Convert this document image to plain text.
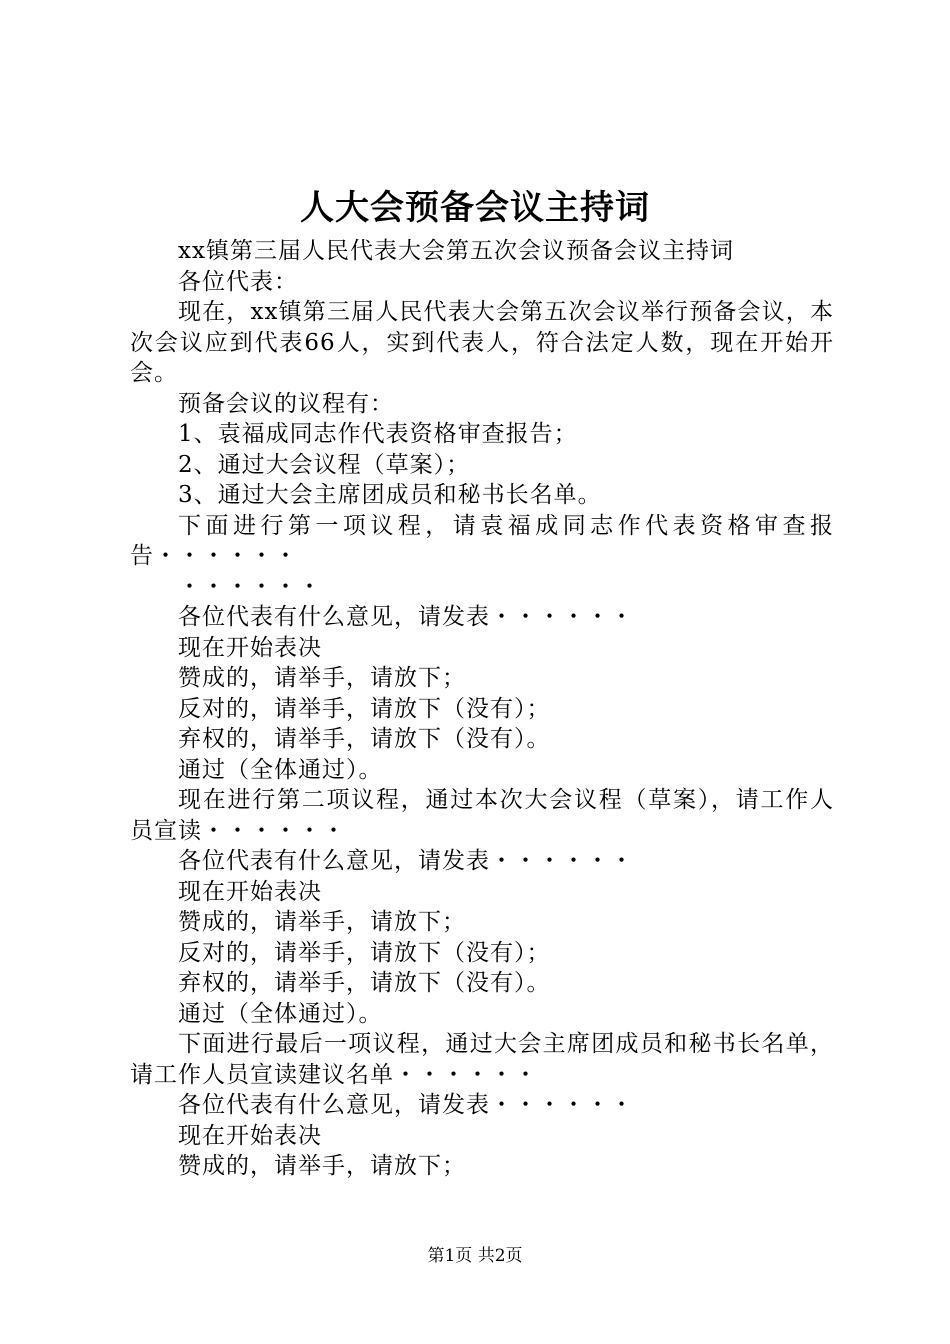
人大会预备会议主持词

xx镇第三届人民代表大会第五次会议预备会议主持词

各位代表：

现在，xx镇第三届人民代表大会第五次会议举行预备会议，本次会议应到代表66人，实到代表人，符合法定人数，现在开始开会。

预备会议的议程有：

1、袁福成同志作代表资格审查报告；

2、通过大会议程（草案）；

3、通过大会主席团成员和秘书长名单。

下面进行第一项议程，请袁福成同志作代表资格审查报告・・・・・・

・・・・・・

各位代表有什么意见，请发表・・・・・・

现在开始表决

赞成的，请举手，请放下；

反对的，请举手，请放下（没有）；

弃权的，请举手，请放下（没有）。

通过（全体通过）。

现在进行第二项议程，通过本次大会议程（草案），请工作人员宣读・・・・・・

各位代表有什么意见，请发表・・・・・・

现在开始表决

赞成的，请举手，请放下；

反对的，请举手，请放下（没有）；

弃权的，请举手，请放下（没有）。

通过（全体通过）。

下面进行最后一项议程，通过大会主席团成员和秘书长名单，请工作人员宣读建议名单・・・・・・

各位代表有什么意见，请发表・・・・・・

现在开始表决

赞成的，请举手，请放下；

第1页 共2页
